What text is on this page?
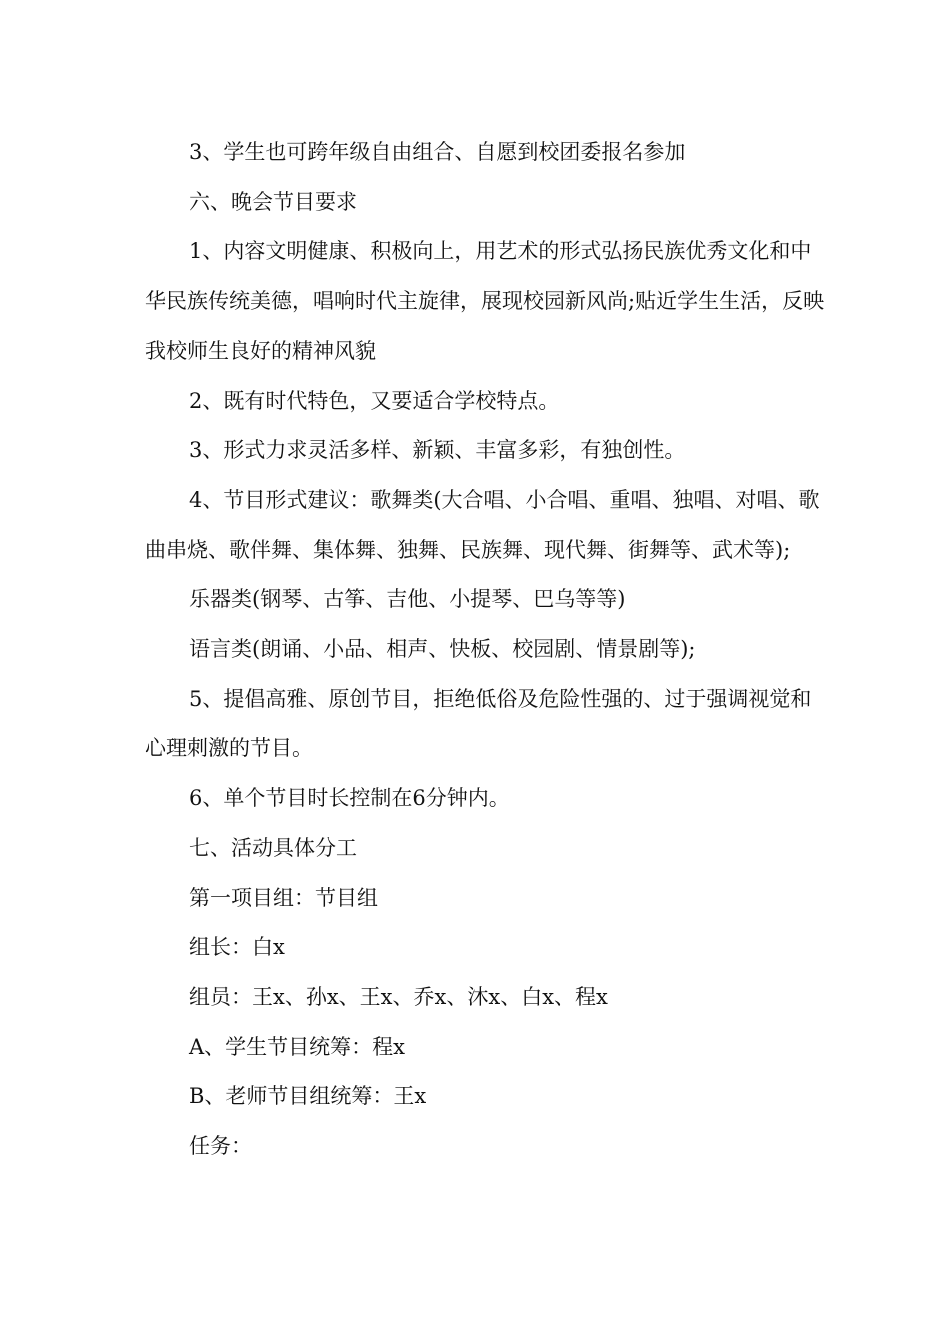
3、学生也可跨年级自由组合、自愿到校团委报名参加

六、晚会节目要求

1、内容文明健康、积极向上，用艺术的形式弘扬民族优秀文化和中华民族传统美德，唱响时代主旋律，展现校园新风尚;贴近学生生活，反映我校师生良好的精神风貌

2、既有时代特色，又要适合学校特点。

3、形式力求灵活多样、新颖、丰富多彩，有独创性。

4、节目形式建议：歌舞类(大合唱、小合唱、重唱、独唱、对唱、歌曲串烧、歌伴舞、集体舞、独舞、民族舞、现代舞、街舞等、武术等);

乐器类(钢琴、古筝、吉他、小提琴、巴乌等等)

语言类(朗诵、小品、相声、快板、校园剧、情景剧等);

5、提倡高雅、原创节目，拒绝低俗及危险性强的、过于强调视觉和心理刺激的节目。

6、单个节目时长控制在6分钟内。

七、活动具体分工

第一项目组：节目组

组长：白x

组员：王x、孙x、王x、乔x、沐x、白x、程x

A、学生节目统筹：程x

B、老师节目组统筹：王x

任务：
